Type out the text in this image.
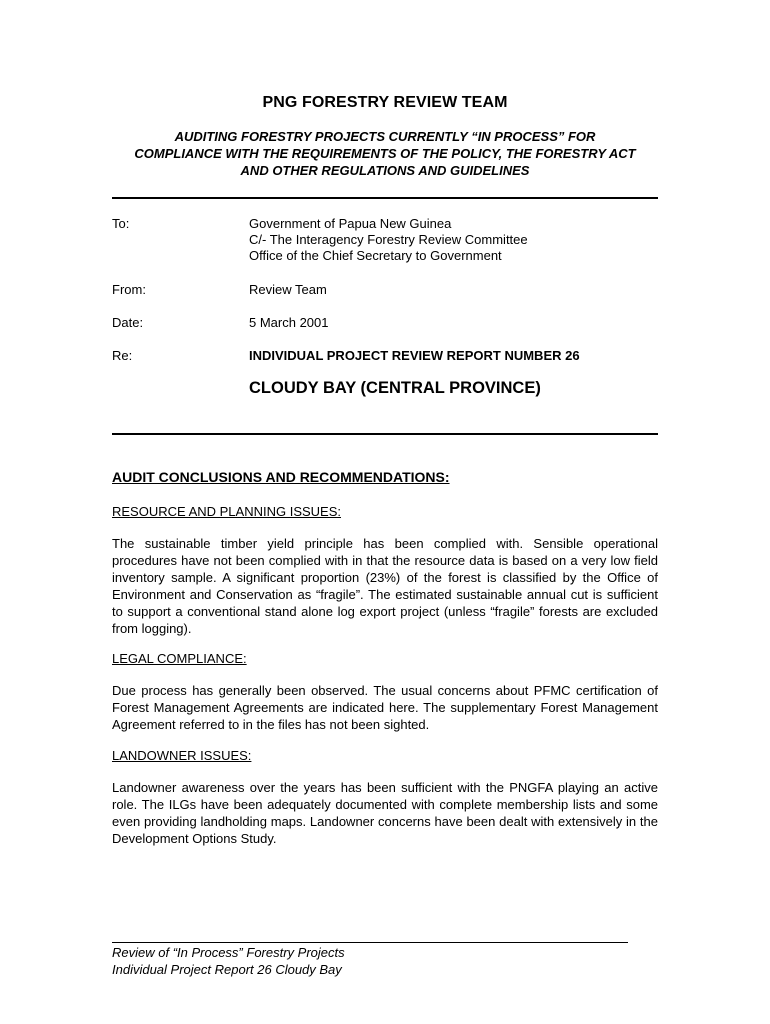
PNG FORESTRY REVIEW TEAM
AUDITING FORESTRY PROJECTS CURRENTLY “IN PROCESS” FOR
COMPLIANCE WITH THE REQUIREMENTS OF THE POLICY, THE FORESTRY ACT
AND OTHER REGULATIONS AND GUIDELINES
To:	Government of Papua New Guinea
C/- The Interagency Forestry Review Committee
Office of the Chief Secretary to Government
From:	Review Team
Date:	5 March 2001
Re:	INDIVIDUAL PROJECT REVIEW REPORT NUMBER 26
CLOUDY BAY (CENTRAL PROVINCE)
AUDIT CONCLUSIONS AND RECOMMENDATIONS:
RESOURCE AND PLANNING ISSUES:
The sustainable timber yield principle has been complied with. Sensible operational procedures have not been complied with in that the resource data is based on a very low field inventory sample. A significant proportion (23%) of the forest is classified by the Office of Environment and Conservation as “fragile”. The estimated sustainable annual cut is sufficient to support a conventional stand alone log export project (unless “fragile” forests are excluded from logging).
LEGAL COMPLIANCE:
Due process has generally been observed. The usual concerns about PFMC certification of Forest Management Agreements are indicated here. The supplementary Forest Management Agreement referred to in the files has not been sighted.
LANDOWNER ISSUES:
Landowner awareness over the years has been sufficient with the PNGFA playing an active role. The ILGs have been adequately documented with complete membership lists and some even providing landholding maps. Landowner concerns have been dealt with extensively in the Development Options Study.
Review of “In Process” Forestry Projects
Individual Project Report 26 Cloudy Bay
